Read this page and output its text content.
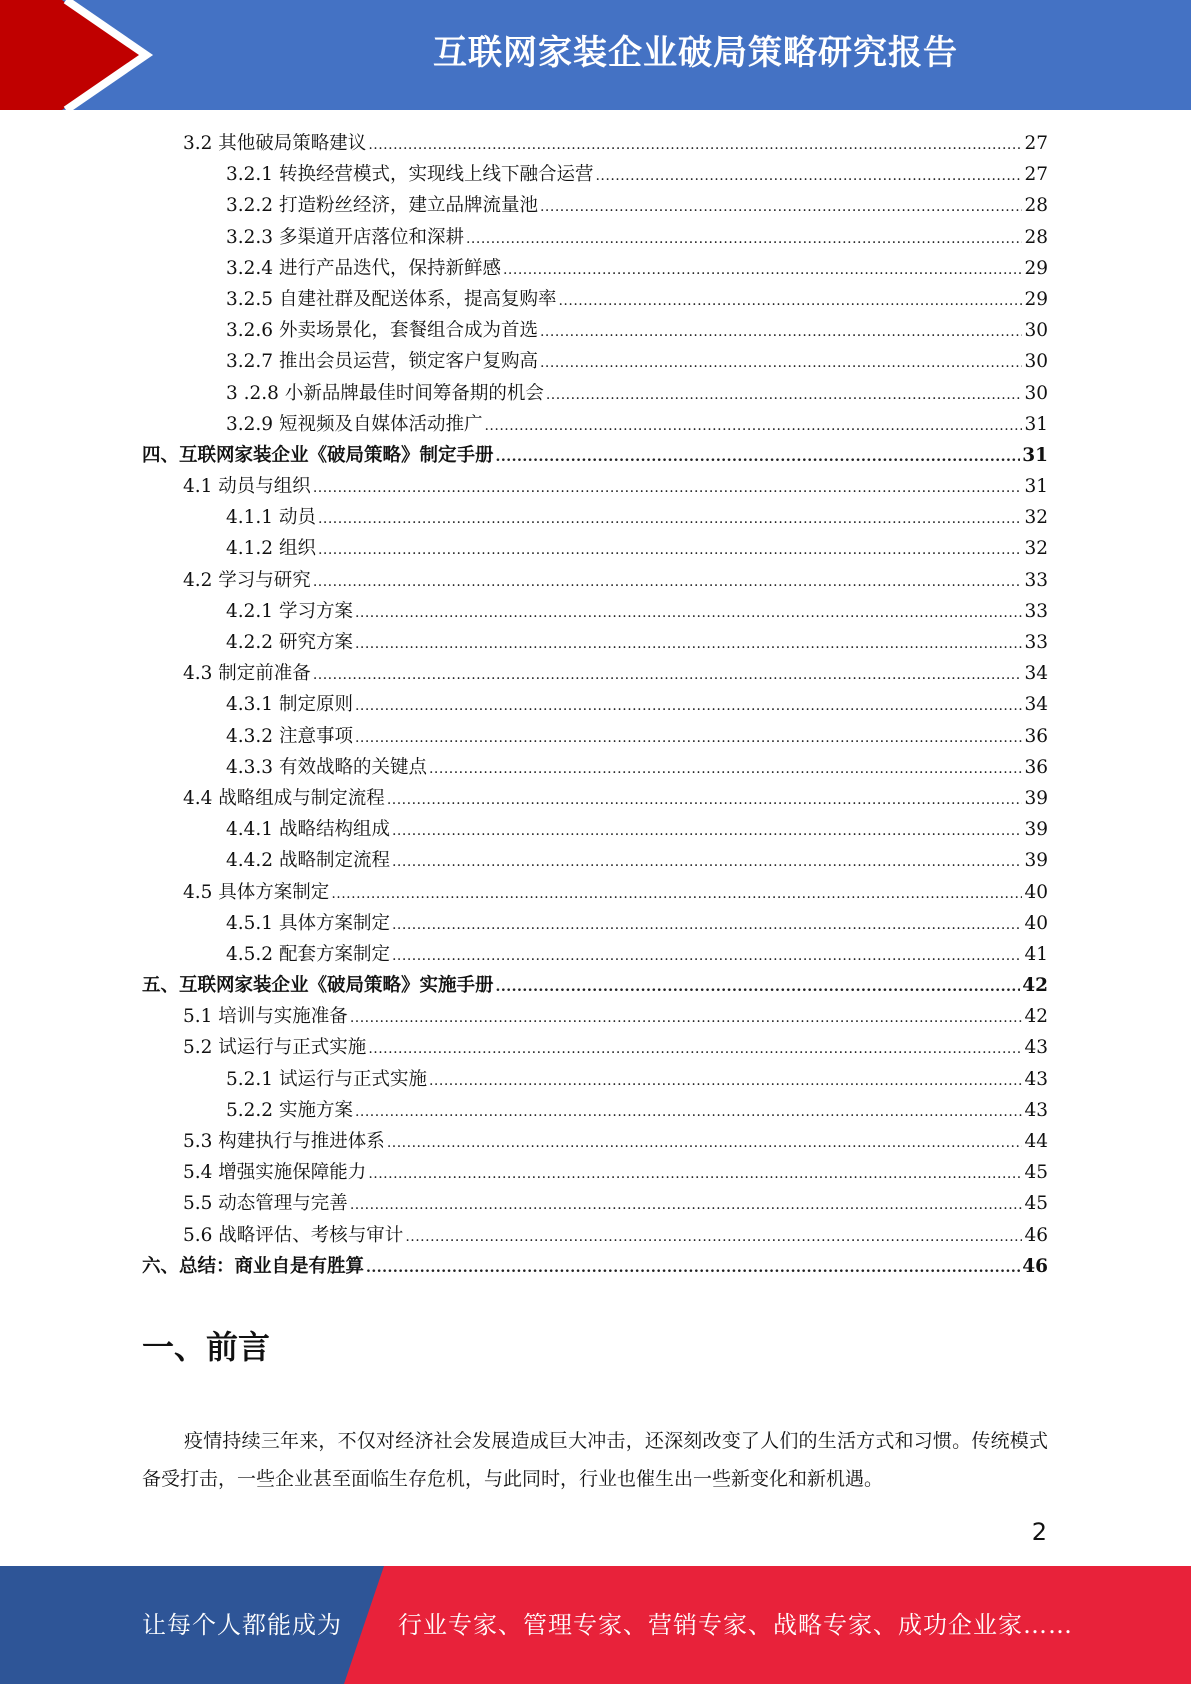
互联网家装企业破局策略研究报告
3.2 其他破局策略建议 .....	27
3.2.1 转换经营模式，实现线上线下融合运营 .....	27
3.2.2 打造粉丝经济，建立品牌流量池 .....	28
3.2.3 多渠道开店落位和深耕 .....	28
3.2.4 进行产品迭代，保持新鲜感 .....	29
3.2.5 自建社群及配送体系，提高复购率 .....	29
3.2.6 外卖场景化，套餐组合成为首选 .....	30
3.2.7 推出会员运营，锁定客户复购高 .....	30
3 .2.8 小新品牌最佳时间筹备期的机会 .....	30
3.2.9 短视频及自媒体活动推广 .....	31
四、互联网家装企业《破局策略》制定手册 .....	31
4.1 动员与组织 .....	31
4.1.1 动员 .....	32
4.1.2 组织 .....	32
4.2 学习与研究 .....	33
4.2.1 学习方案 .....	33
4.2.2 研究方案 .....	33
4.3 制定前准备 .....	34
4.3.1 制定原则 .....	34
4.3.2 注意事项 .....	36
4.3.3 有效战略的关键点 .....	36
4.4 战略组成与制定流程 .....	39
4.4.1 战略结构组成 .....	39
4.4.2 战略制定流程 .....	39
4.5 具体方案制定 .....	40
4.5.1 具体方案制定 .....	40
4.5.2 配套方案制定 .....	41
五、互联网家装企业《破局策略》实施手册 .....	42
5.1 培训与实施准备 .....	42
5.2 试运行与正式实施 .....	43
5.2.1 试运行与正式实施 .....	43
5.2.2 实施方案 .....	43
5.3 构建执行与推进体系 .....	44
5.4 增强实施保障能力 .....	45
5.5 动态管理与完善 .....	45
5.6 战略评估、考核与审计 .....	46
六、总结：商业自是有胜算 .....	46
一、前言
疫情持续三年来，不仅对经济社会发展造成巨大冲击，还深刻改变了人们的生活方式和习惯。传统模式备受打击，一些企业甚至面临生存危机，与此同时，行业也催生出一些新变化和新机遇。
2
让每个人都能成为 行业专家、管理专家、营销专家、战略专家、成功企业家……
